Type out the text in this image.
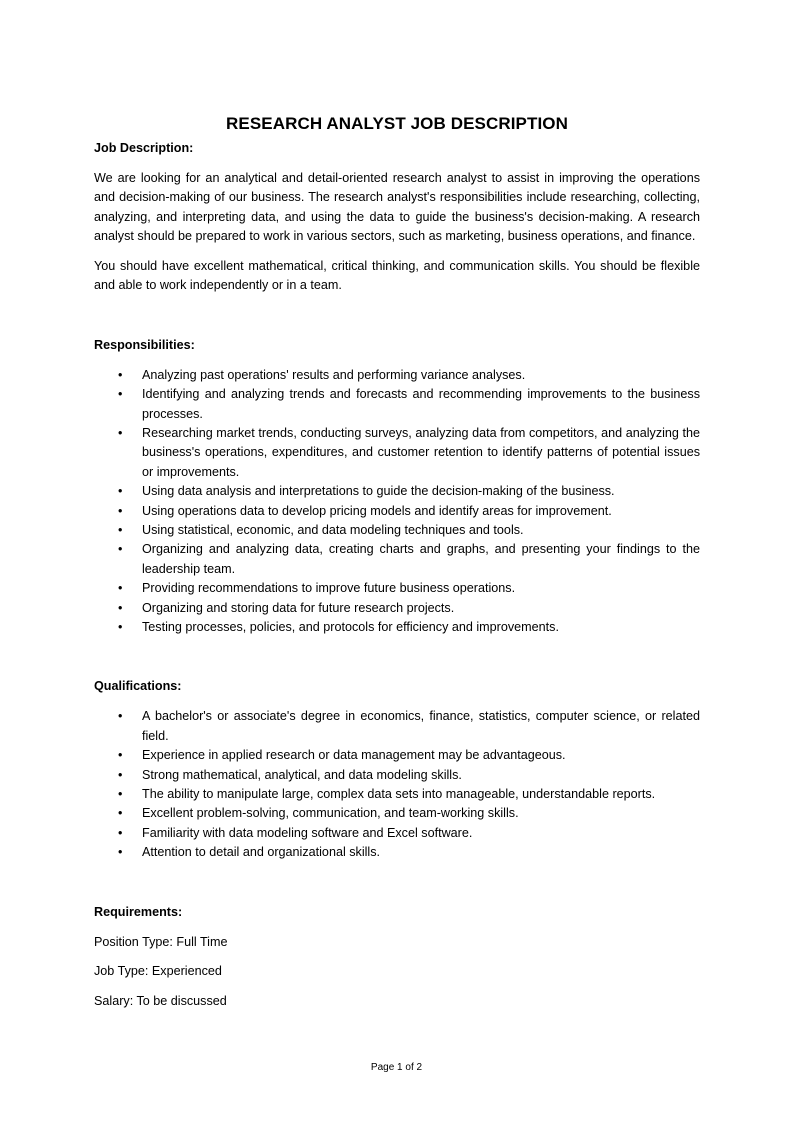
RESEARCH ANALYST JOB DESCRIPTION

Job Description:

We are looking for an analytical and detail-oriented research analyst to assist in improving the operations and decision-making of our business. The research analyst's responsibilities include researching, collecting, analyzing, and interpreting data, and using the data to guide the business's decision-making. A research analyst should be prepared to work in various sectors, such as marketing, business operations, and finance.

You should have excellent mathematical, critical thinking, and communication skills. You should be flexible and able to work independently or in a team.

Responsibilities:

• Analyzing past operations' results and performing variance analyses.
• Identifying and analyzing trends and forecasts and recommending improvements to the business processes.
• Researching market trends, conducting surveys, analyzing data from competitors, and analyzing the business's operations, expenditures, and customer retention to identify patterns of potential issues or improvements.
• Using data analysis and interpretations to guide the decision-making of the business.
• Using operations data to develop pricing models and identify areas for improvement.
• Using statistical, economic, and data modeling techniques and tools.
• Organizing and analyzing data, creating charts and graphs, and presenting your findings to the leadership team.
• Providing recommendations to improve future business operations.
• Organizing and storing data for future research projects.
• Testing processes, policies, and protocols for efficiency and improvements.

Qualifications:

• A bachelor's or associate's degree in economics, finance, statistics, computer science, or related field.
• Experience in applied research or data management may be advantageous.
• Strong mathematical, analytical, and data modeling skills.
• The ability to manipulate large, complex data sets into manageable, understandable reports.
• Excellent problem-solving, communication, and team-working skills.
• Familiarity with data modeling software and Excel software.
• Attention to detail and organizational skills.

Requirements:

Position Type: Full Time

Job Type: Experienced

Salary: To be discussed

Page 1 of 2
